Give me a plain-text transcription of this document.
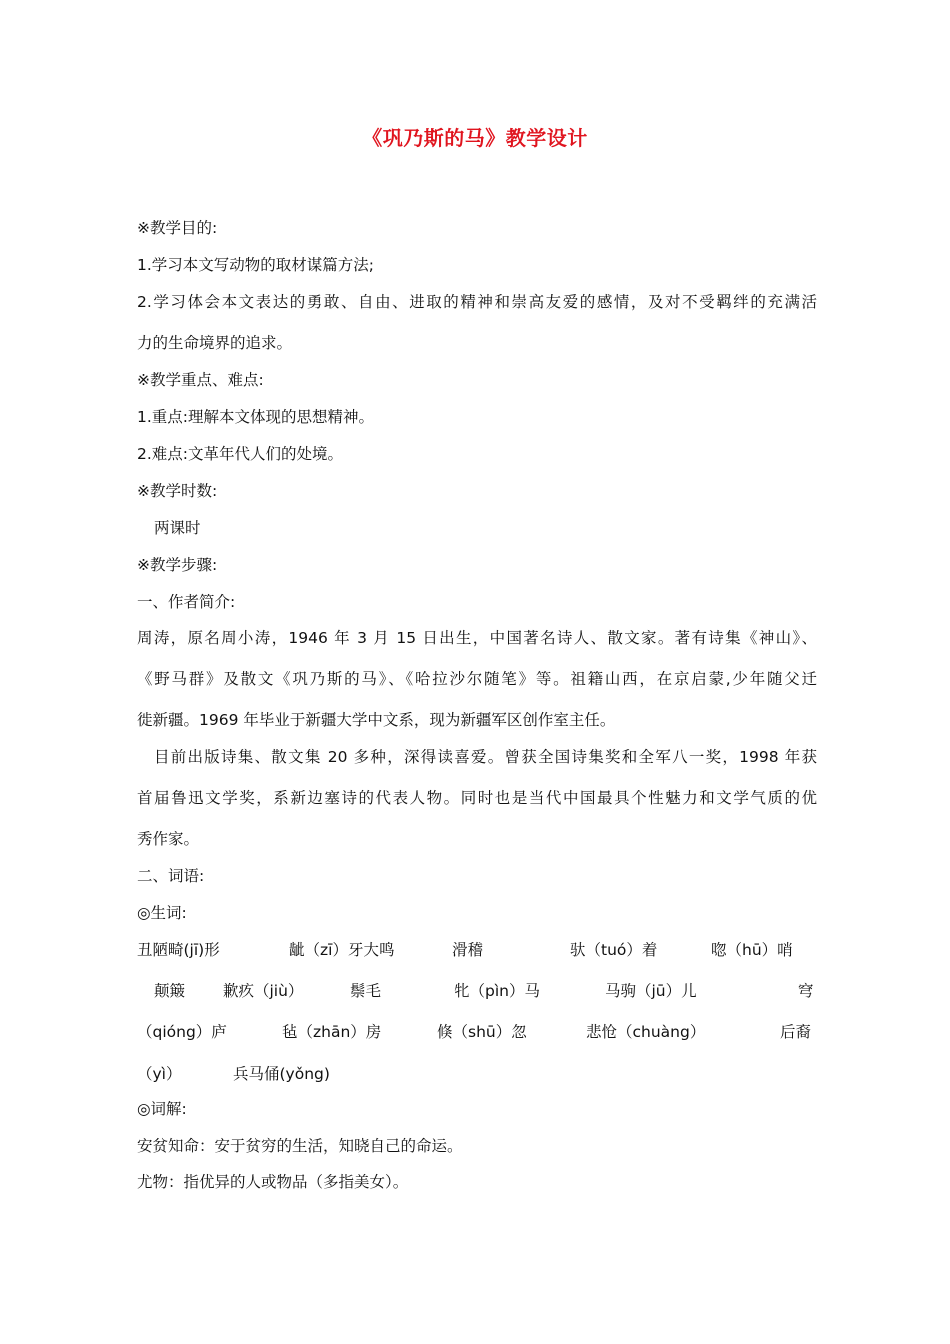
《巩乃斯的马》教学设计
※教学目的:
1.学习本文写动物的取材谋篇方法;
2.学习体会本文表达的勇敢、自由、进取的精神和崇高友爱的感情，及对不受羁绊的充满活
力的生命境界的追求。
※教学重点、难点:
1.重点:理解本文体现的思想精神。
2.难点:文革年代人们的处境。
※教学时数:
两课时
※教学步骤:
一、作者简介:
周涛，原名周小涛，1946 年 3 月 15 日出生，中国著名诗人、散文家。著有诗集《神山》、
《野马群》及散文《巩乃斯的马》、《哈拉沙尔随笔》等。祖籍山西，在京启蒙,少年随父迁
徙新疆。1969 年毕业于新疆大学中文系，现为新疆军区创作室主任。
目前出版诗集、散文集 20 多种，深得读喜爱。曾获全国诗集奖和全军八一奖，1998 年获
首届鲁迅文学奖，系新边塞诗的代表人物。同时也是当代中国最具个性魅力和文学气质的优
秀作家。
二、词语:
◎生词:
丑陋畸(jī)形	龇（zī）牙大鸣	滑稽	驮（tuó）着	唿（hū）哨
颠簸 歉疚（jiù）	鬃毛	牝（pìn）马	马驹（jū）儿	穹
（qióng）庐	毡（zhān）房	倏（shū）忽	悲怆（chuàng）	后裔
（yì）	兵马俑(yǒng)
◎词解:
安贫知命：安于贫穷的生活，知晓自己的命运。
尤物：指优异的人或物品（多指美女）。
